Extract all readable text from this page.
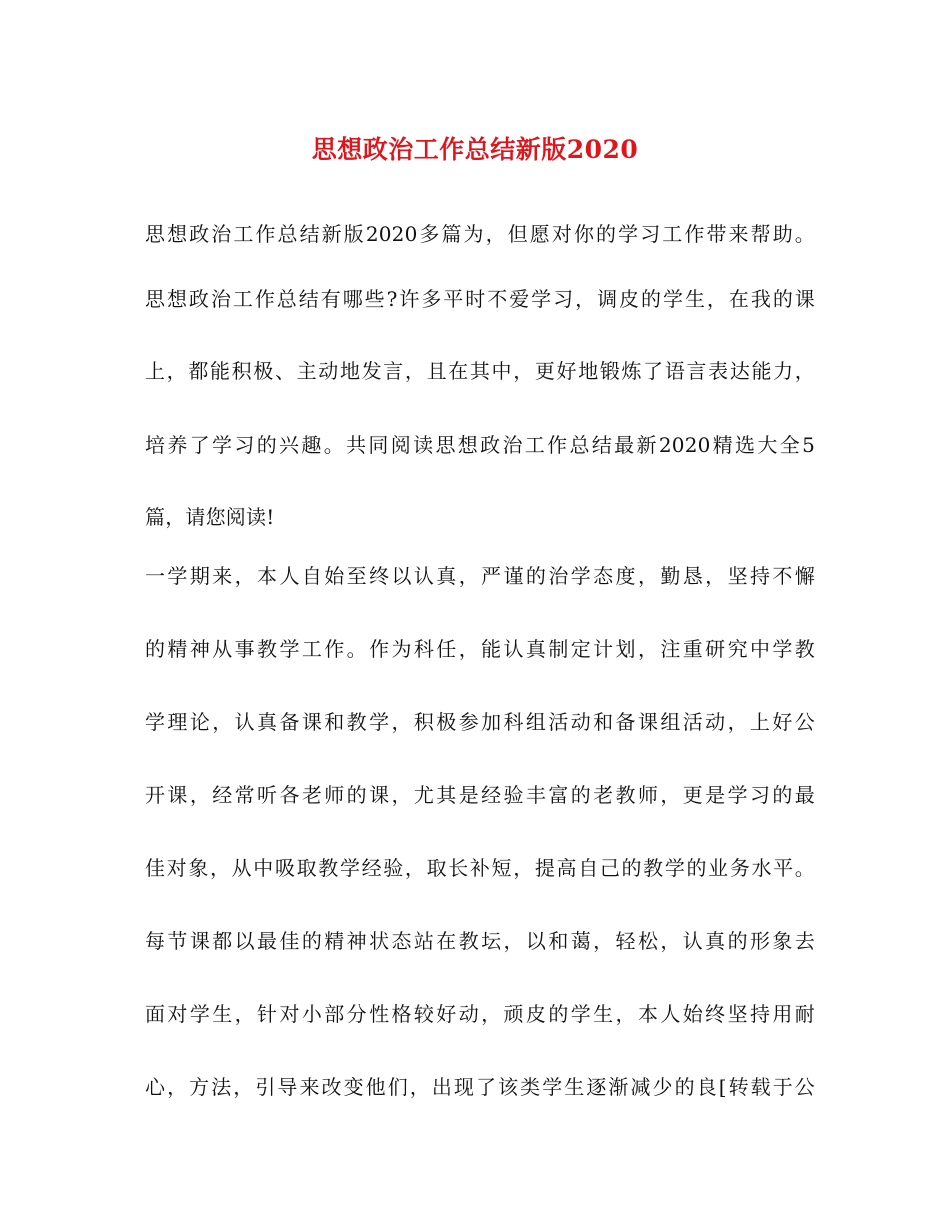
思想政治工作总结新版2020
思想政治工作总结新版2020多篇为，但愿对你的学习工作带来帮助。
思想政治工作总结有哪些?许多平时不爱学习，调皮的学生，在我的课
上，都能积极、主动地发言，且在其中，更好地锻炼了语言表达能力，
培养了学习的兴趣。共同阅读思想政治工作总结最新2020精选大全5
篇，请您阅读!
一学期来，本人自始至终以认真，严谨的治学态度，勤恳，坚持不懈
的精神从事教学工作。作为科任，能认真制定计划，注重研究中学教
学理论，认真备课和教学，积极参加科组活动和备课组活动，上好公
开课，经常听各老师的课，尤其是经验丰富的老教师，更是学习的最
佳对象，从中吸取教学经验，取长补短，提高自己的教学的业务水平。
每节课都以最佳的精神状态站在教坛，以和蔼，轻松，认真的形象去
面对学生，针对小部分性格较好动，顽皮的学生，本人始终坚持用耐
心，方法，引导来改变他们，出现了该类学生逐渐减少的良[转载于公
